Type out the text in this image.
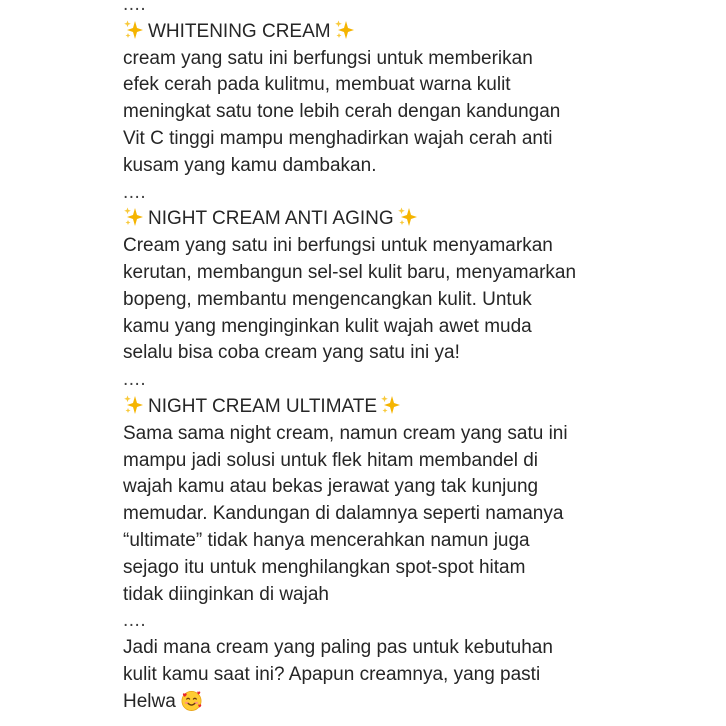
....
WHITENING CREAM
cream yang satu ini berfungsi untuk memberikan
efek cerah pada kulitmu, membuat warna kulit
meningkat satu tone lebih cerah dengan kandungan
Vit C tinggi mampu menghadirkan wajah cerah anti
kusam yang kamu dambakan.
....
NIGHT CREAM ANTI AGING
Cream yang satu ini berfungsi untuk menyamarkan
kerutan, membangun sel-sel kulit baru, menyamarkan
bopeng, membantu mengencangkan kulit. Untuk
kamu yang menginginkan kulit wajah awet muda
selalu bisa coba cream yang satu ini ya!
....
NIGHT CREAM ULTIMATE
Sama sama night cream, namun cream yang satu ini
mampu jadi solusi untuk flek hitam membandel di
wajah kamu atau bekas jerawat yang tak kunjung
memudar. Kandungan di dalamnya seperti namanya
“ultimate” tidak hanya mencerahkan namun juga
sejago itu untuk menghilangkan spot-spot hitam
tidak diinginkan di wajah
....
Jadi mana cream yang paling pas untuk kebutuhan
kulit kamu saat ini? Apapun creamnya, yang pasti
Helwa
